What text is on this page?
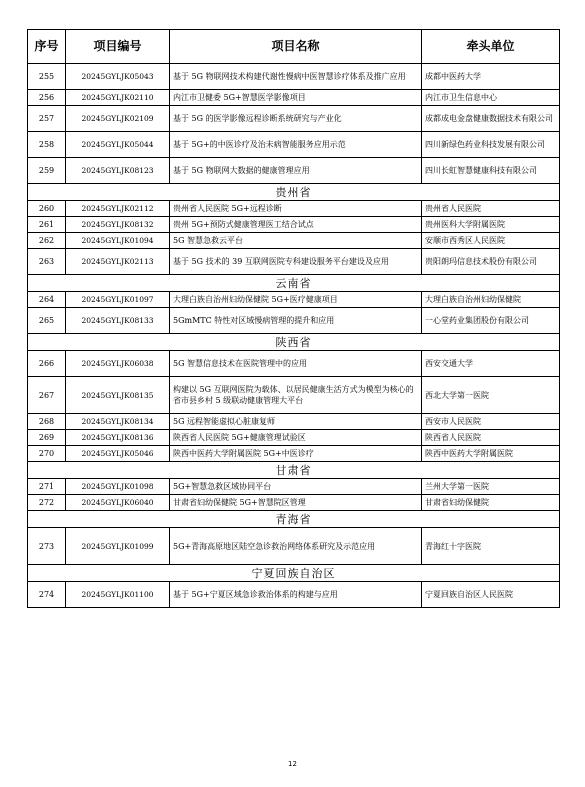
序号	项目编号	项目名称	牵头单位
255	20245GYLJK05043	基于 5G 物联网技术构建代谢性慢病中医智慧诊疗体系及推广应用	成都中医药大学
256	20245GYLJK02110	内江市卫健委 5G+智慧医学影像项目	内江市卫生信息中心
257	20245GYLJK02109	基于 5G 的医学影像远程诊断系统研究与产业化	成都成电金盘健康数据技术有限公司
258	20245GYLJK05044	基于 5G+的中医诊疗及治未病智能服务应用示范	四川新绿色药业科技发展有限公司
259	20245GYLJK08123	基于 5G 物联网大数据的健康管理应用	四川长虹智慧健康科技有限公司
贵州省			
260	20245GYLJK02112	贵州省人民医院 5G+远程诊断	贵州省人民医院
261	20245GYLJK08132	贵州 5G+预防式健康管理医工结合试点	贵州医科大学附属医院
262	20245GYLJK01094	5G 智慧急救云平台	安顺市西秀区人民医院
263	20245GYLJK02113	基于 5G 技术的 39 互联网医院专科建设服务平台建设及应用	贵阳朗玛信息技术股份有限公司
云南省			
264	20245GYLJK01097	大理白族自治州妇幼保健院 5G+医疗健康项目	大理白族自治州妇幼保健院
265	20245GYLJK08133	5GmMTC 特性对区域慢病管理的提升和应用	一心堂药业集团股份有限公司
陕西省			
266	20245GYLJK06038	5G 智慧信息技术在医院管理中的应用	西安交通大学
267	20245GYLJK08135	构建以 5G 互联网医院为载体、以居民健康生活方式为模型为核心的省市县乡村 5 级联动健康管理大平台	西北大学第一医院
268	20245GYLJK08134	5G 远程智能虚拟心脏康复师	西安市人民医院
269	20245GYLJK08136	陕西省人民医院 5G+健康管理试验区	陕西省人民医院
270	20245GYLJK05046	陕西中医药大学附属医院 5G+中医诊疗	陕西中医药大学附属医院
甘肃省			
271	20245GYLJK01098	5G+智慧急救区域协同平台	兰州大学第一医院
272	20245GYLJK06040	甘肃省妇幼保健院 5G+智慧院区管理	甘肃省妇幼保健院
青海省			
273	20245GYLJK01099	5G+青海高原地区陆空急诊救治网络体系研究及示范应用	青海红十字医院
宁夏回族自治区			
274	20245GYLJK01100	基于 5G+宁夏区域急诊救治体系的构建与应用	宁夏回族自治区人民医院
12
